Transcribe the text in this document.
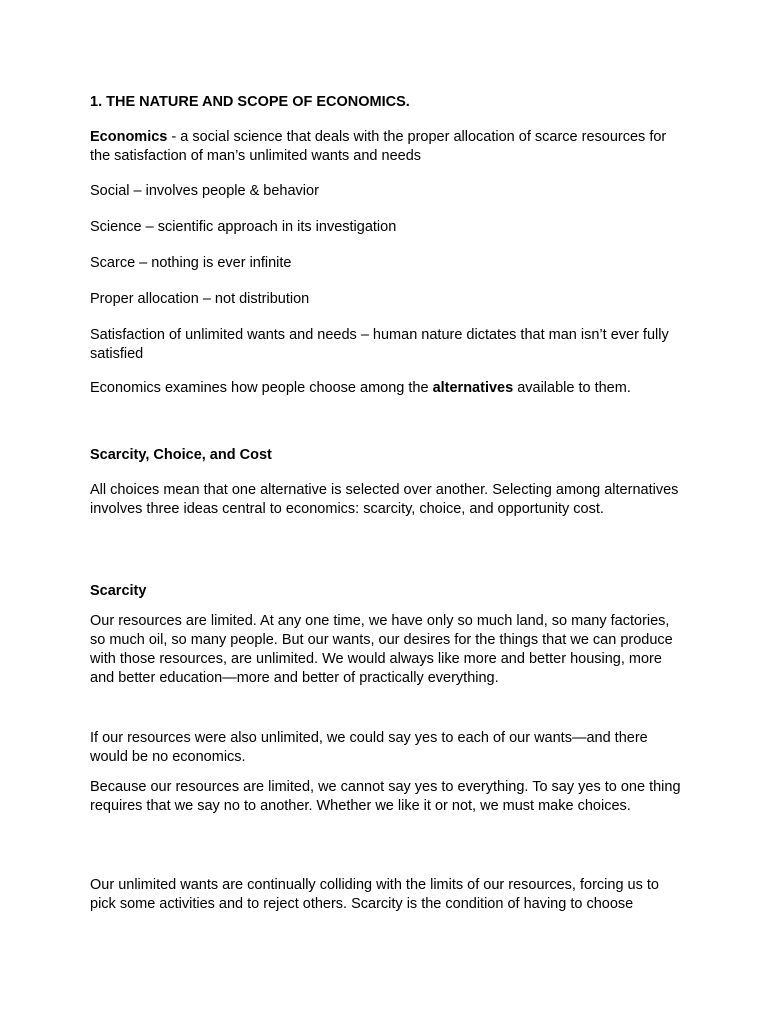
1. THE NATURE AND SCOPE OF ECONOMICS.

Economics - a social science that deals with the proper allocation of scarce resources for the satisfaction of man’s unlimited wants and needs

Social – involves people & behavior

Science – scientific approach in its investigation

Scarce – nothing is ever infinite

Proper allocation – not distribution

Satisfaction of unlimited wants and needs – human nature dictates that man isn’t ever fully satisfied

Economics examines how people choose among the alternatives available to them.

Scarcity, Choice, and Cost

All choices mean that one alternative is selected over another. Selecting among alternatives involves three ideas central to economics: scarcity, choice, and opportunity cost.

Scarcity

Our resources are limited. At any one time, we have only so much land, so many factories, so much oil, so many people. But our wants, our desires for the things that we can produce with those resources, are unlimited. We would always like more and better housing, more and better education—more and better of practically everything.

If our resources were also unlimited, we could say yes to each of our wants—and there would be no economics.

Because our resources are limited, we cannot say yes to everything. To say yes to one thing requires that we say no to another. Whether we like it or not, we must make choices.

Our unlimited wants are continually colliding with the limits of our resources, forcing us to pick some activities and to reject others. Scarcity is the condition of having to choose
